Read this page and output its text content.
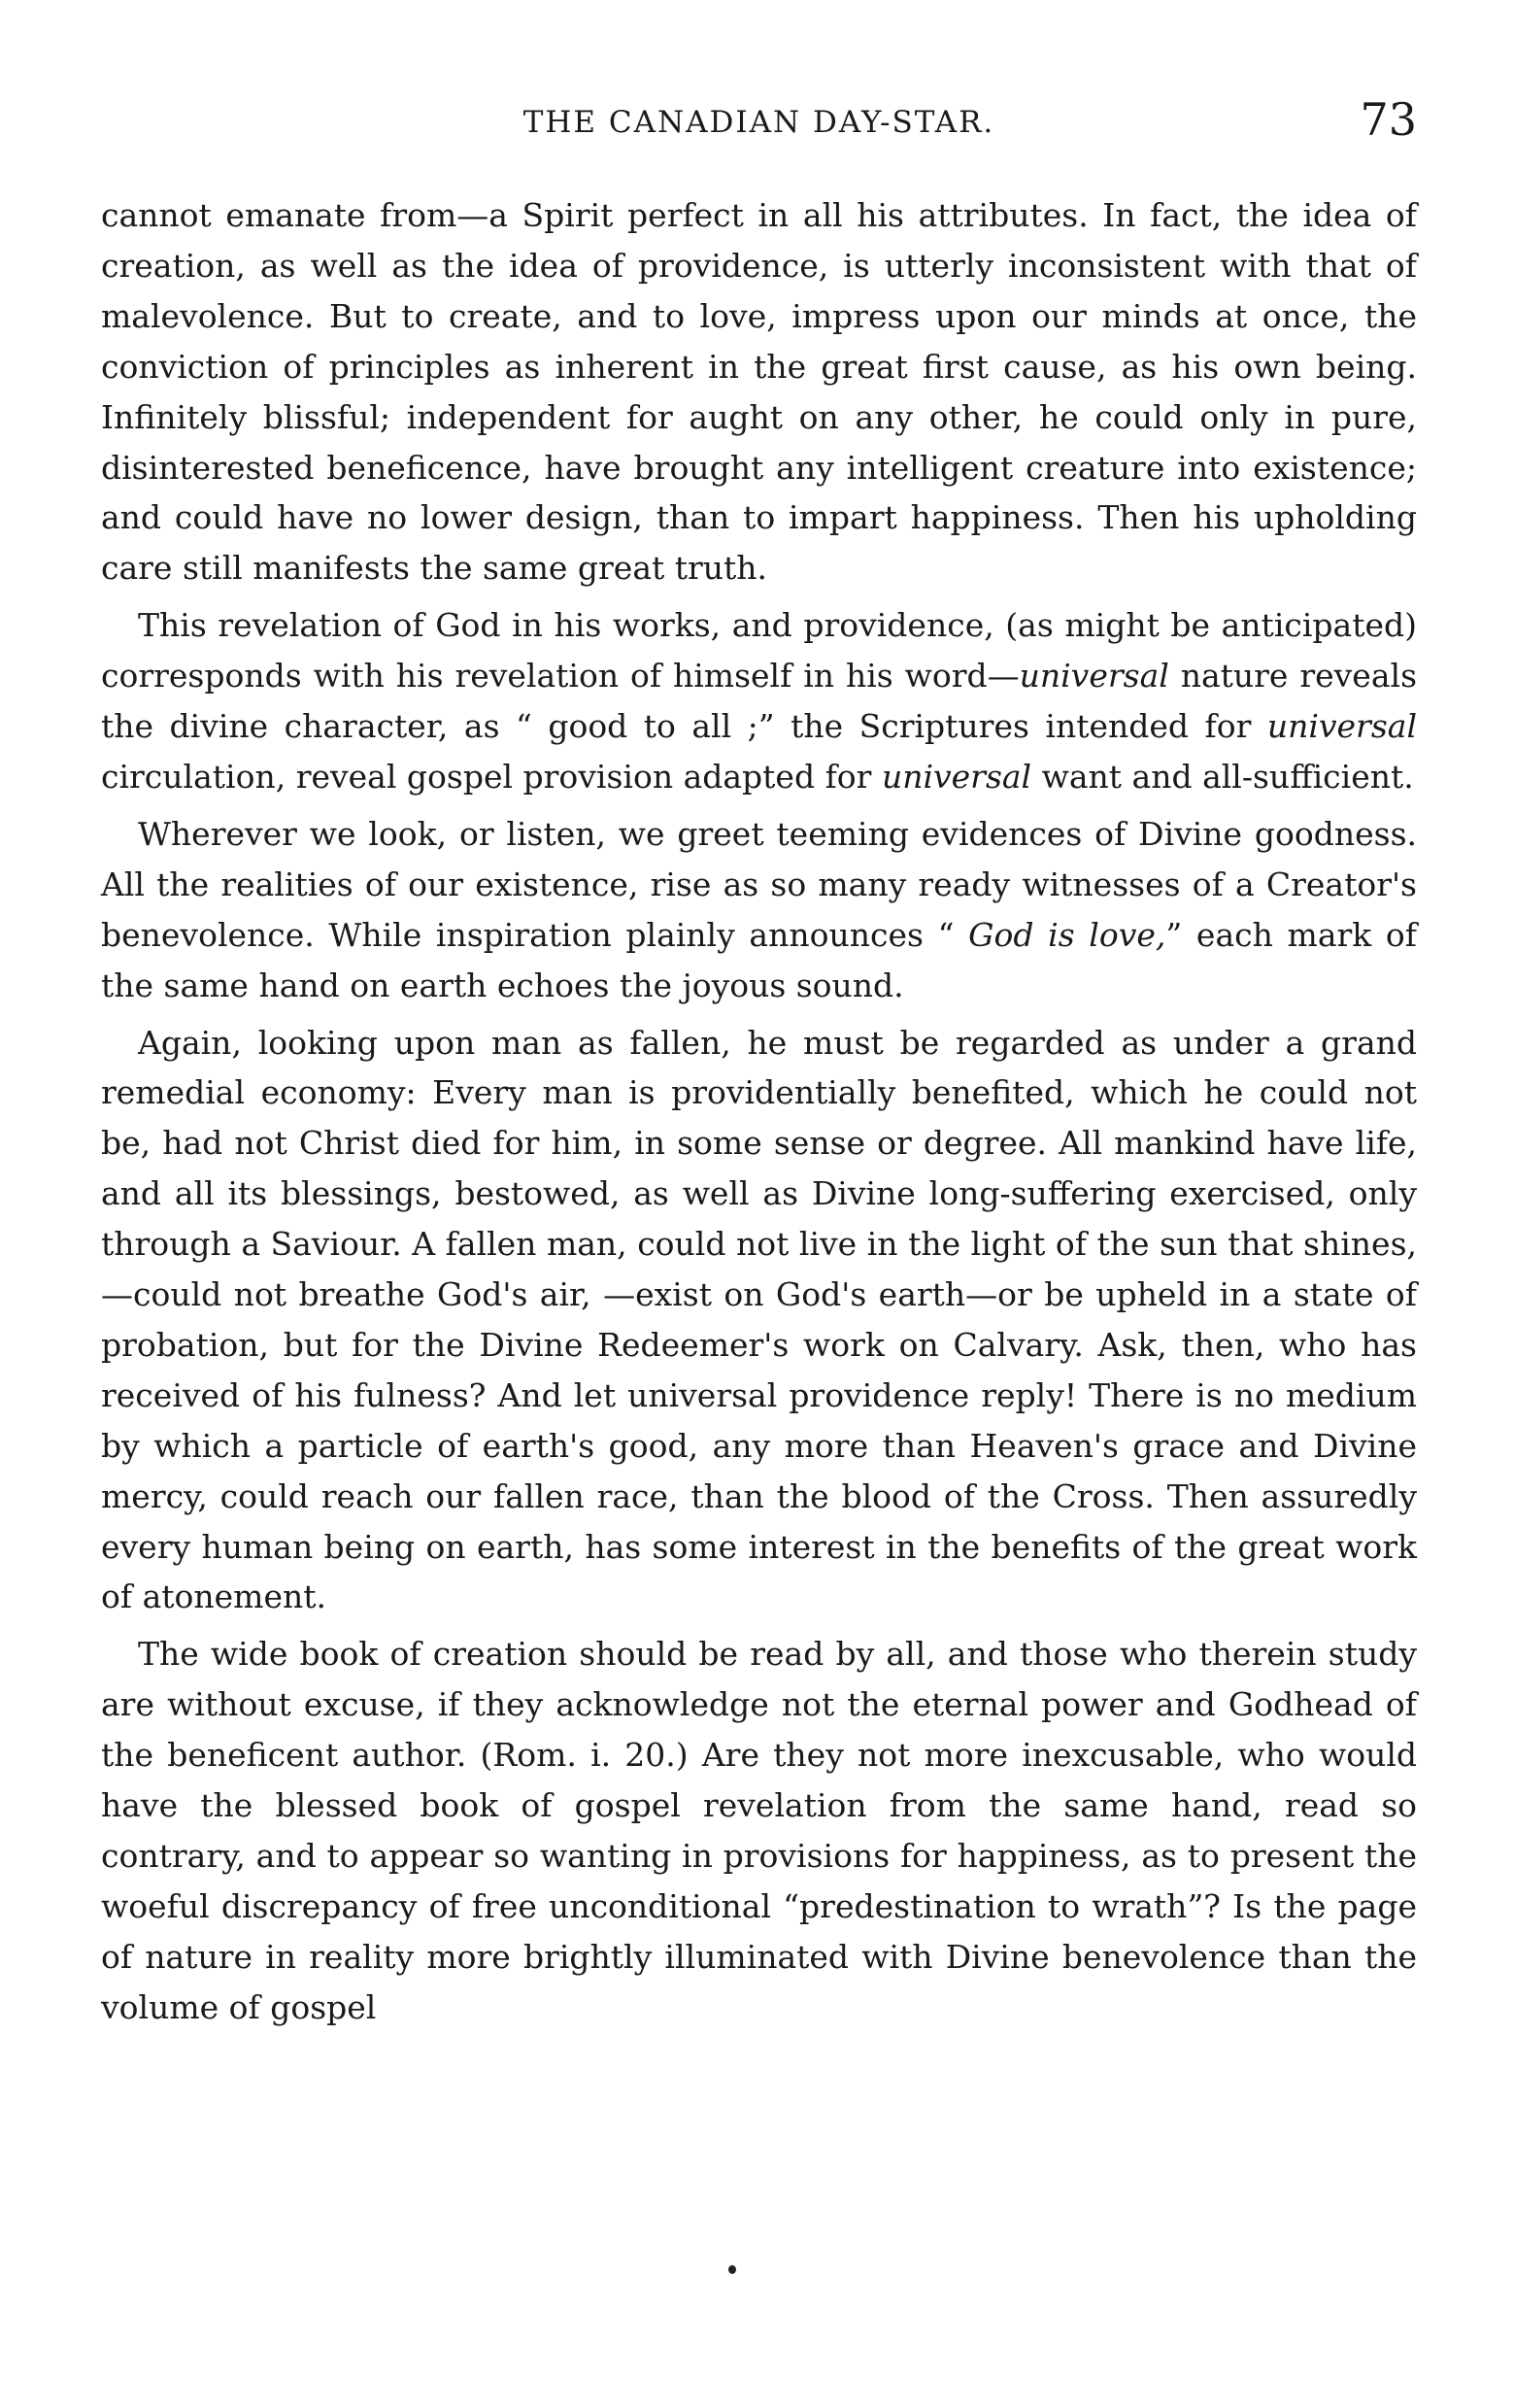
THE CANADIAN DAY-STAR.	73

cannot emanate from—a Spirit perfect in all his attributes. In fact, the idea of creation, as well as the idea of providence, is utterly inconsistent with that of malevolence. But to create, and to love, impress upon our minds at once, the conviction of principles as inherent in the great first cause, as his own being. Infinitely blissful; independent for aught on any other, he could only in pure, disinterested beneficence, have brought any intelligent creature into existence; and could have no lower design, than to impart happiness. Then his upholding care still manifests the same great truth.

This revelation of God in his works, and providence, (as might be anticipated) corresponds with his revelation of himself in his word—universal nature reveals the divine character, as “ good to all ;” the Scriptures intended for universal circulation, reveal gospel provision adapted for universal want and all-sufficient.

Wherever we look, or listen, we greet teeming evidences of Divine goodness. All the realities of our existence, rise as so many ready witnesses of a Creator's benevolence. While inspiration plainly announces “ God is love,” each mark of the same hand on earth echoes the joyous sound.

Again, looking upon man as fallen, he must be regarded as under a grand remedial economy: Every man is providentially benefited, which he could not be, had not Christ died for him, in some sense or degree. All mankind have life, and all its blessings, bestowed, as well as Divine long-suffering exercised, only through a Saviour. A fallen man, could not live in the light of the sun that shines,—could not breathe God's air, —exist on God's earth—or be upheld in a state of probation, but for the Divine Redeemer's work on Calvary. Ask, then, who has received of his fulness? And let universal providence reply! There is no medium by which a particle of earth's good, any more than Heaven's grace and Divine mercy, could reach our fallen race, than the blood of the Cross. Then assuredly every human being on earth, has some interest in the benefits of the great work of atonement.

The wide book of creation should be read by all, and those who therein study are without excuse, if they acknowledge not the eternal power and Godhead of the beneficent author. (Rom. i. 20.) Are they not more inexcusable, who would have the blessed book of gospel revelation from the same hand, read so contrary, and to appear so wanting in provisions for happiness, as to present the woeful discrepancy of free unconditional “predestination to wrath”? Is the page of nature in reality more brightly illuminated with Divine benevolence than the volume of gospel
